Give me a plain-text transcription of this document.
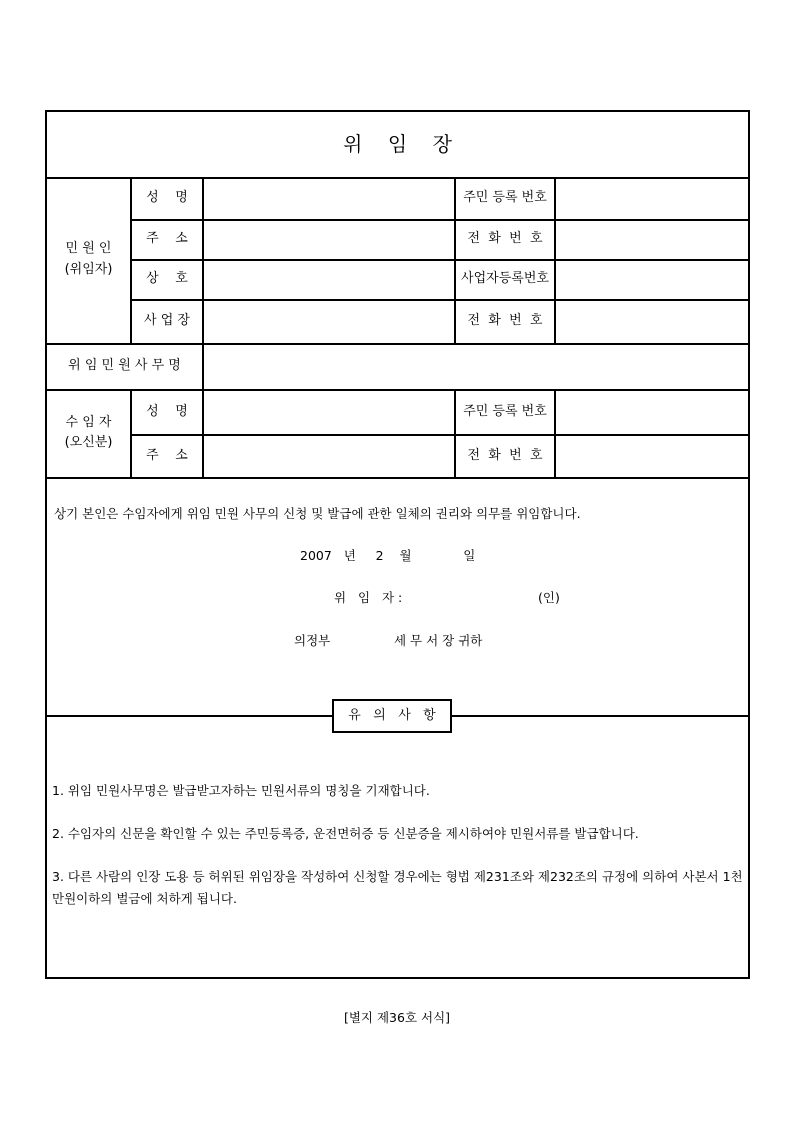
위    임    장
민 원 인
(위임자)
성    명
주    소
상    호
사 업 장
주민 등록 번호
전  화  번  호
사업자등록번호
전  화  번  호
위 임 민 원 사 무 명
수 임 자
(오신분)
성    명
주    소
주민 등록 번호
전  화  번  호
상기 본인은 수임자에게 위임 민원 사무의 신청 및 발급에 관한 일체의 권리와 의무를 위임합니다.
2007   년     2    월             일
위   임   자 :	(인)
의정부	세 무 서 장 귀하
유   의   사   항
1. 위임 민원사무명은 발급받고자하는 민원서류의 명칭을 기재합니다.
2. 수임자의 신문을 확인할 수 있는 주민등록증, 운전면허증 등 신분증을 제시하여야 민원서류를 발급합니다.
3. 다른 사람의 인장 도용 등 허위된 위임장을 작성하여 신청할 경우에는 형법 제231조와 제232조의 규정에 의하여 사본서 1천만원이하의 벌금에 처하게 됩니다.
[별지 제36호 서식]
